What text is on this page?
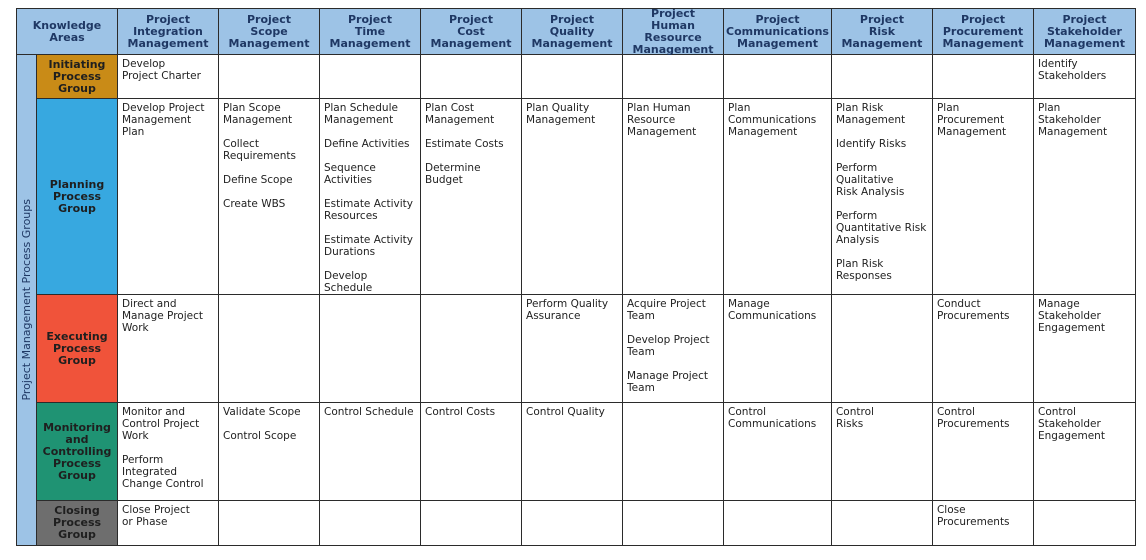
Knowledge Areas
Project
Integration
Management
Project
Scope
Management
Project
Time
Management
Project
Cost
Management
Project
Quality
Management
Project
Human Resource
Management
Project
Communications
Management
Project
Risk
Management
Project
Procurement
Management
Project
Stakeholder
Management
Project Management Process Groups
Initiating
Process
Group
Develop
Project Charter
Identify
Stakeholders
Planning
Process
Group
Develop Project
Management
Plan
Plan Scope
Management
Collect
Requirements
Define Scope
Create WBS
Plan Schedule
Management
Define Activities
Sequence
Activities
Estimate Activity
Resources
Estimate Activity
Durations
Develop Schedule
Plan Cost
Management
Estimate Costs
Determine
Budget
Plan Quality
Management
Plan Human
Resource
Management
Plan
Communications
Management
Plan Risk
Management
Identify Risks
Perform
Qualitative
Risk Analysis
Perform
Quantitative Risk
Analysis
Plan Risk
Responses
Plan
Procurement
Management
Plan
Stakeholder
Management
Executing
Process
Group
Direct and
Manage Project
Work
Perform Quality
Assurance
Acquire Project
Team
Develop Project
Team
Manage Project
Team
Manage
Communications
Conduct
Procurements
Manage
Stakeholder
Engagement
Monitoring
and
Controlling
Process
Group
Monitor and
Control Project
Work
Perform
Integrated
Change Control
Validate Scope
Control Scope
Control Schedule Control Costs	Control Quality	Control
Communications
Control
Risks
Control
Procurements
Control
Stakeholder
Engagement
Closing
Process
Group
Close Project
or Phase
Close
Procurements
